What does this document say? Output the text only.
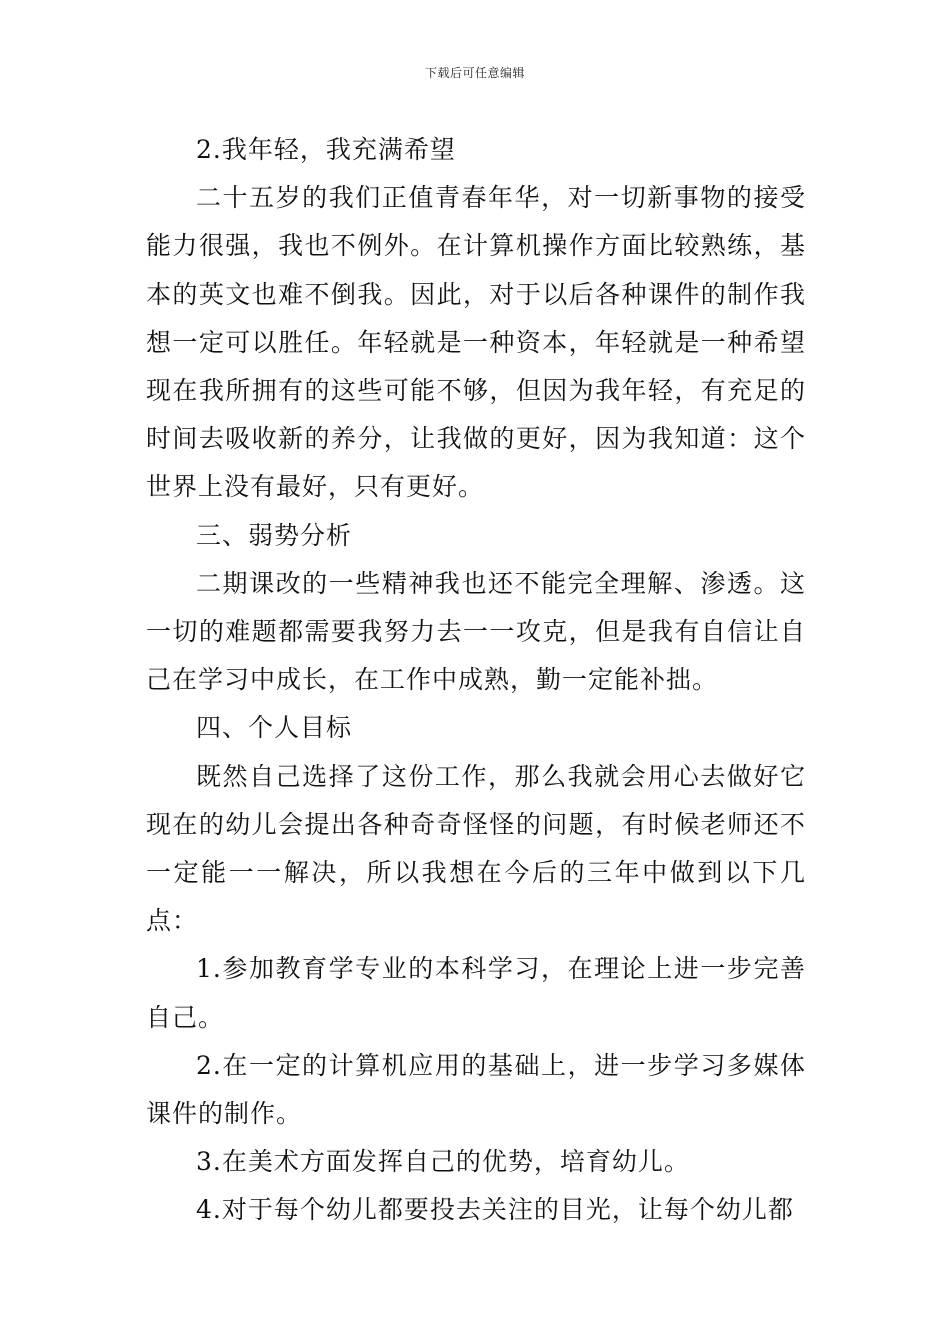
下载后可任意编辑

2.我年轻，我充满希望

二十五岁的我们正值青春年华，对一切新事物的接受能力很强，我也不例外。在计算机操作方面比较熟练，基本的英文也难不倒我。因此，对于以后各种课件的制作我想一定可以胜任。年轻就是一种资本，年轻就是一种希望现在我所拥有的这些可能不够，但因为我年轻，有充足的时间去吸收新的养分，让我做的更好，因为我知道：这个世界上没有最好，只有更好。

三、弱势分析

二期课改的一些精神我也还不能完全理解、渗透。这一切的难题都需要我努力去一一攻克，但是我有自信让自己在学习中成长，在工作中成熟，勤一定能补拙。

四、个人目标

既然自己选择了这份工作，那么我就会用心去做好它现在的幼儿会提出各种奇奇怪怪的问题，有时候老师还不一定能一一解决，所以我想在今后的三年中做到以下几点：

1.参加教育学专业的本科学习，在理论上进一步完善自己。

2.在一定的计算机应用的基础上，进一步学习多媒体课件的制作。

3.在美术方面发挥自己的优势，培育幼儿。

4.对于每个幼儿都要投去关注的目光，让每个幼儿都
